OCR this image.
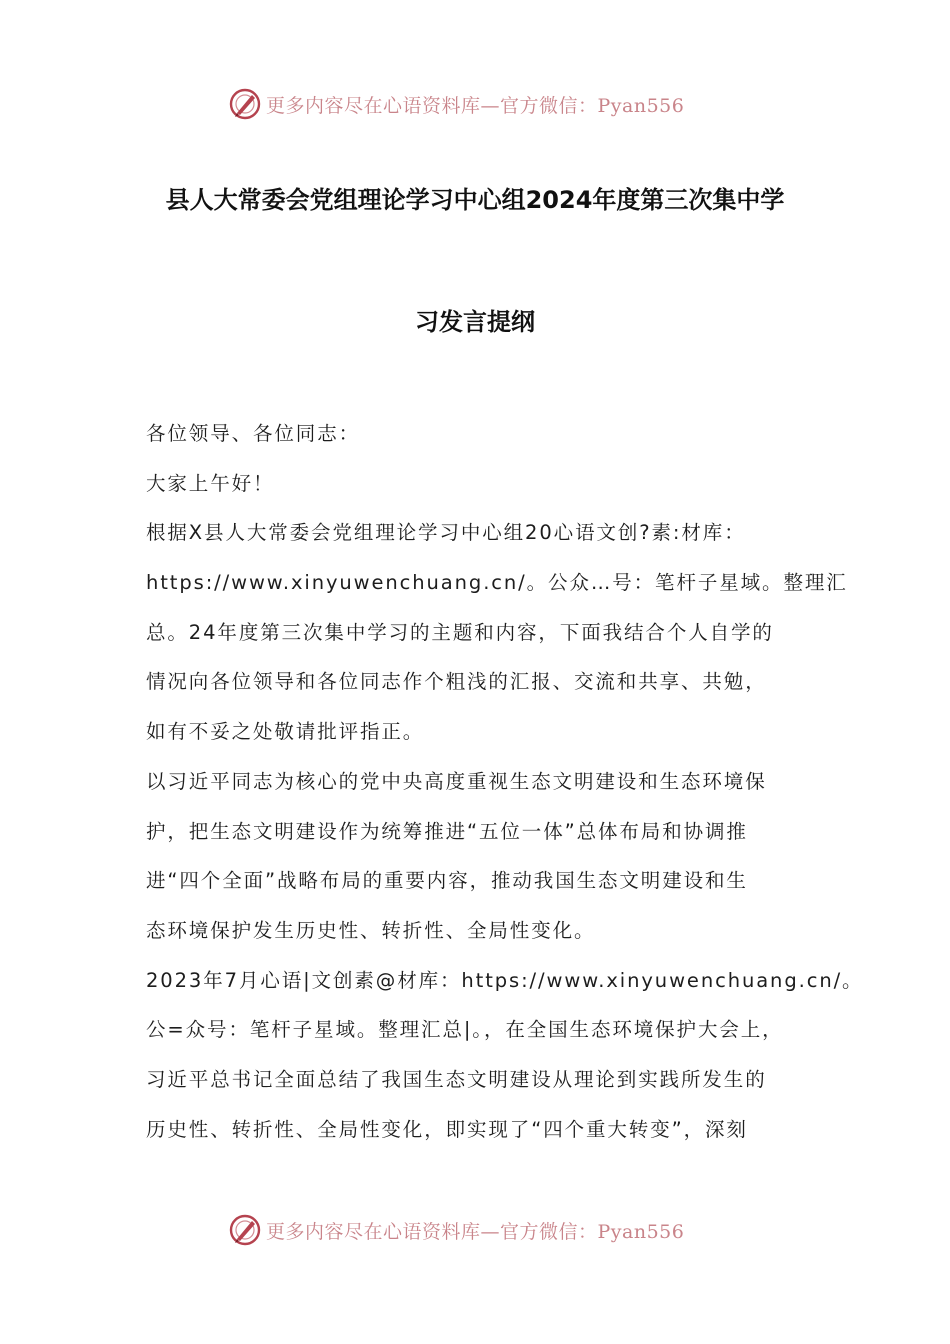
更多内容尽在心语资料库—官方微信：Pyan556
县人大常委会党组理论学习中心组2024年度第三次集中学
习发言提纲
各位领导、各位同志：
大家上午好！
根据X县人大常委会党组理论学习中心组20心语文创?素:材库：
https://www.xinyuwenchuang.cn/。公众…号：笔杆子星域。整理汇
总。24年度第三次集中学习的主题和内容，下面我结合个人自学的
情况向各位领导和各位同志作个粗浅的汇报、交流和共享、共勉，
如有不妥之处敬请批评指正。
以习近平同志为核心的党中央高度重视生态文明建设和生态环境保
护，把生态文明建设作为统筹推进“五位一体”总体布局和协调推
进“四个全面”战略布局的重要内容，推动我国生态文明建设和生
态环境保护发生历史性、转折性、全局性变化。
2023年7月心语|文创素@材库：https://www.xinyuwenchuang.cn/。
公=众号：笔杆子星域。整理汇总|。，在全国生态环境保护大会上，
习近平总书记全面总结了我国生态文明建设从理论到实践所发生的
历史性、转折性、全局性变化，即实现了“四个重大转变”，深刻
更多内容尽在心语资料库—官方微信：Pyan556
